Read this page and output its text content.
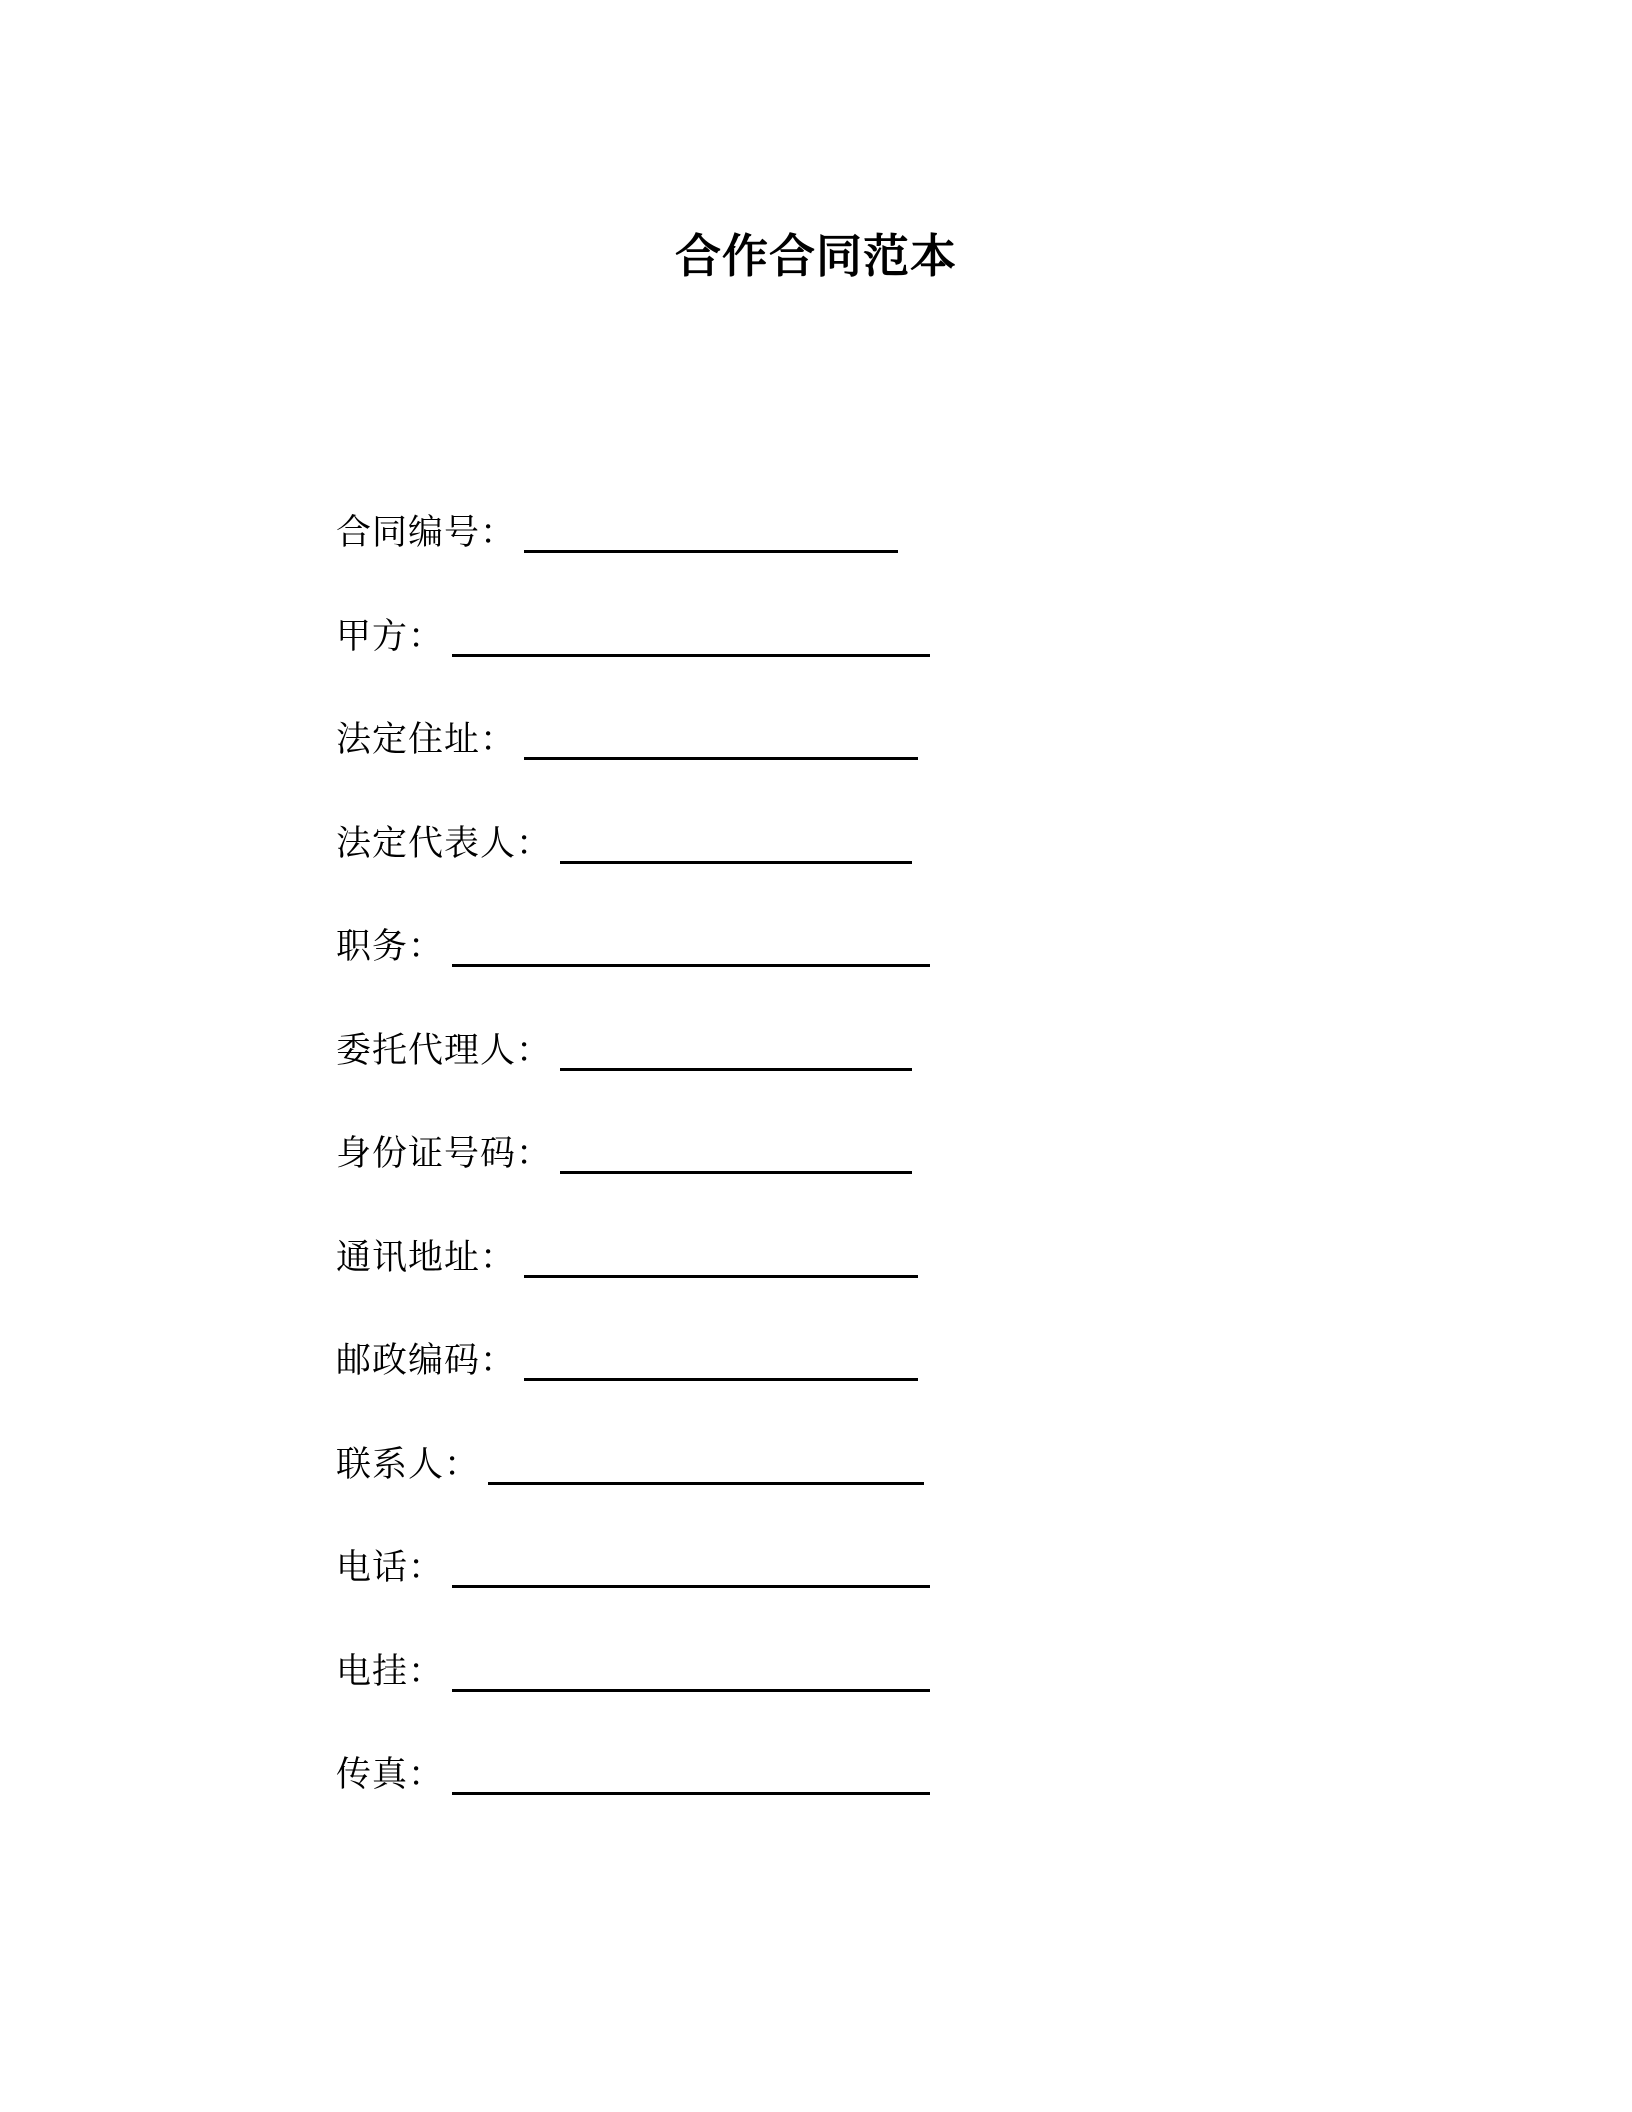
合作合同范本
合同编号：
甲方：
法定住址：
法定代表人：
职务：
委托代理人：
身份证号码：
通讯地址：
邮政编码：
联系人：
电话：
电挂：
传真：
